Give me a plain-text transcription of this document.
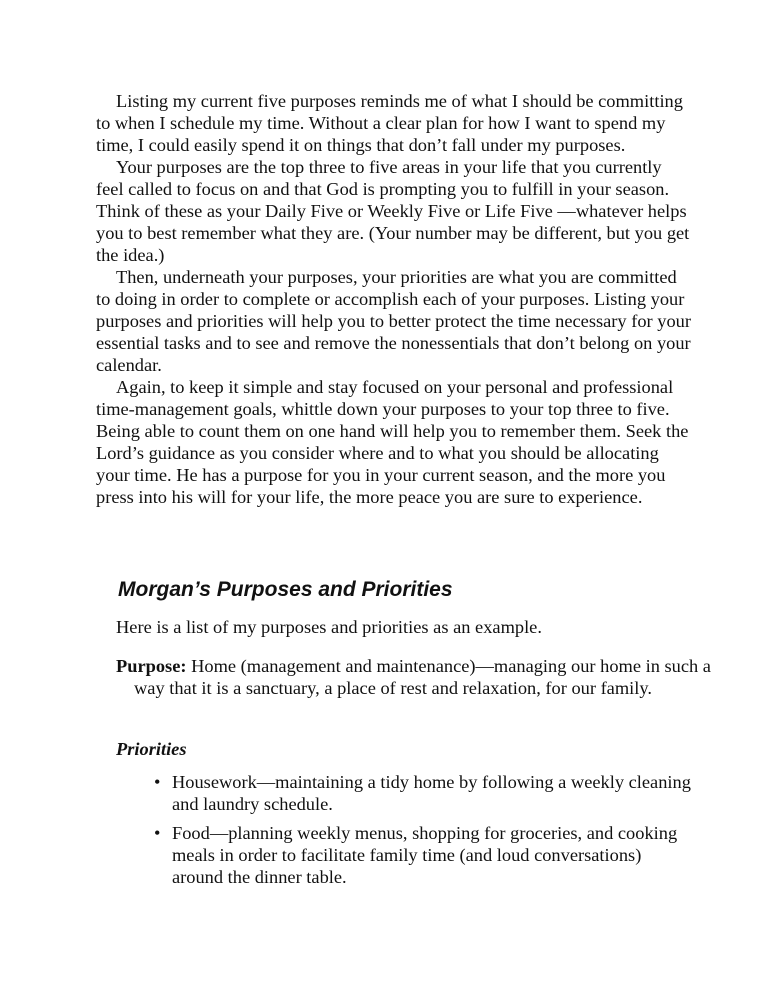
Listing my current five purposes reminds me of what I should be committing to when I schedule my time. Without a clear plan for how I want to spend my time, I could easily spend it on things that don’t fall under my purposes.

Your purposes are the top three to five areas in your life that you currently feel called to focus on and that God is prompting you to fulfill in your season. Think of these as your Daily Five or Weekly Five or Life Five —whatever helps you to best remember what they are. (Your number may be different, but you get the idea.)

Then, underneath your purposes, your priorities are what you are committed to doing in order to complete or accomplish each of your purposes. Listing your purposes and priorities will help you to better protect the time necessary for your essential tasks and to see and remove the nonessentials that don’t belong on your calendar.

Again, to keep it simple and stay focused on your personal and professional time-management goals, whittle down your purposes to your top three to five. Being able to count them on one hand will help you to remember them. Seek the Lord’s guidance as you consider where and to what you should be allocating your time. He has a purpose for you in your current season, and the more you press into his will for your life, the more peace you are sure to experience.

Morgan’s Purposes and Priorities

Here is a list of my purposes and priorities as an example.

Purpose: Home (management and maintenance)—managing our home in such a way that it is a sanctuary, a place of rest and relaxation, for our family.

Priorities

• Housework—maintaining a tidy home by following a weekly cleaning and laundry schedule.
• Food—planning weekly menus, shopping for groceries, and cooking meals in order to facilitate family time (and loud conversations) around the dinner table.
